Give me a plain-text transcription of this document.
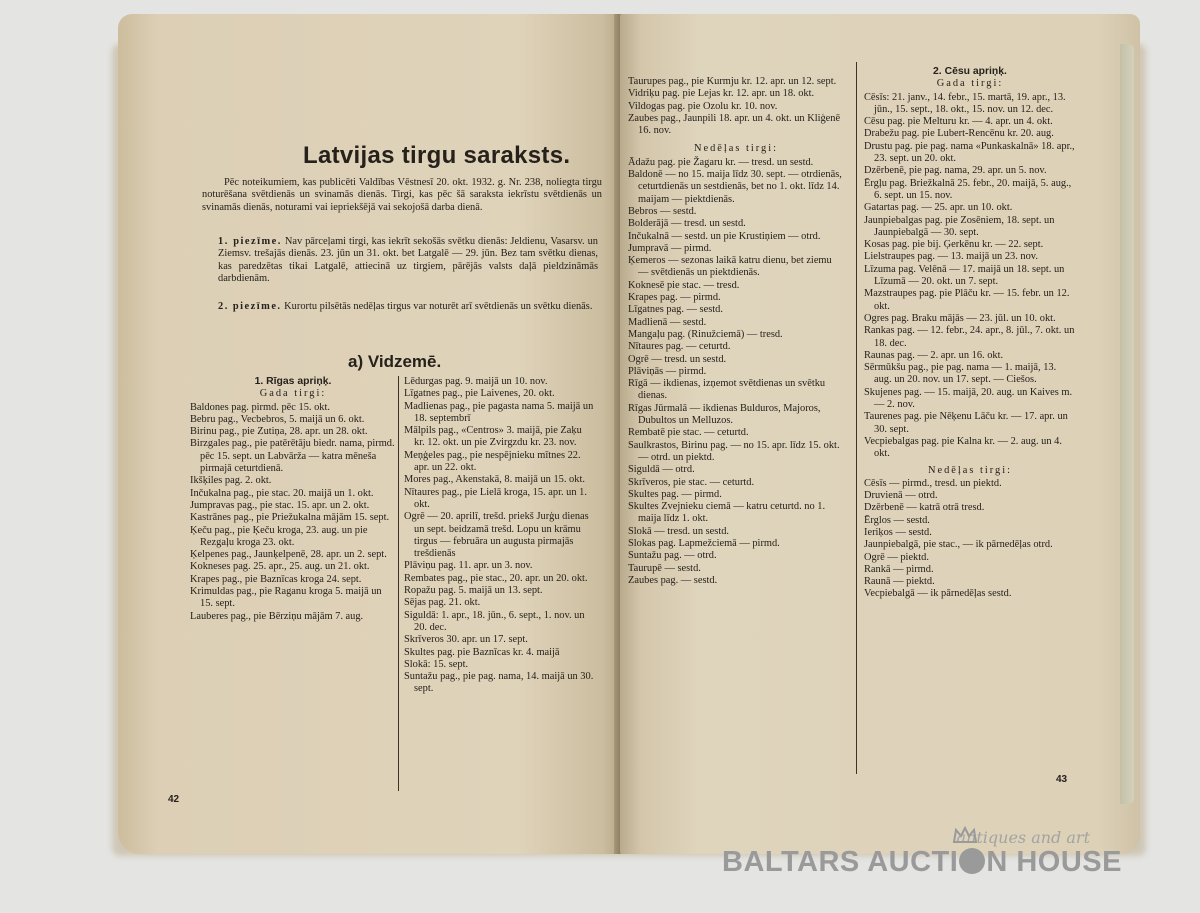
Latvijas tirgu saraksts.
Pēc noteikumiem, kas publicēti Valdības Vēstnesī 20. okt. 1932. g. Nr. 238, noliegta tirgu noturēšana svētdienās un svinamās dienās. Tirgi, kas pēc šā saraksta iekrīstu svētdienās un svinamās dienās, noturami vai iepriekšējā vai sekojošā darba dienā.
1. piezīme. Nav pārceļami tirgi, kas iekrīt sekošās svētku dienās: Jeldienu, Vasarsv. un Ziemsv. trešajās dienās. 23. jūn un 31. okt. bet Latgalē — 29. jūn. Bez tam svētku dienas, kas paredzētas tikai Latgalē, attiecinā uz tirgiem, pārējās valsts daļā pieldzināmās darbdienām.
2. piezīme. Kurortu pilsētās nedēļas tirgus var noturēt arī svētdienās un svētku dienās.
a) Vidzemē.
1. Rīgas apriņķ.
Gada tirgi:

Baldones pag. pirmd. pēc 15. okt.

Bebru pag., Vecbebros, 5. maijā un 6. okt.

Birinu pag., pie Zutiņa, 28. apr. un 28. okt.

Birzgales pag., pie patērētāju biedr. nama, pirmd. pēc 15. sept. un Labvārža — katra mēneša pirmajā ceturtdienā.

Ikšķiles pag. 2. okt.

Inčukalna pag., pie stac. 20. maijā un 1. okt.

Jumpravas pag., pie stac. 15. apr. un 2. okt.

Kastrānes pag., pie Priežukalna mājām 15. sept.

Ķeču pag., pie Ķeču kroga, 23. aug. un pie Rezgaļu kroga 23. okt.

Ķelpenes pag., Jaunķelpenē, 28. apr. un 2. sept.

Kokneses pag. 25. apr., 25. aug. un 21. okt.

Krapes pag., pie Baznīcas kroga 24. sept.

Krimuldas pag., pie Raganu kroga 5. maijā un 15. sept.

Lauberes pag., pie Bērziņu mājām 7. aug.

Lēdurgas pag. 9. maijā un 10. nov.

Līgatnes pag., pie Laivenes, 20. okt.

Madlienas pag., pie pagasta nama 5. maijā un 18. septembrī

Mālpils pag., «Centros» 3. maijā, pie Zaķu kr. 12. okt. un pie Zvirgzdu kr. 23. nov.

Meņģeles pag., pie nespējnieku mītnes 22. apr. un 22. okt.

Mores pag., Akenstakā, 8. maijā un 15. okt.

Nītaures pag., pie Lielā kroga, 15. apr. un 1. okt.

Ogrē — 20. aprilī, trešd. priekš Jurģu dienas un sept. beidzamā trešd. Lopu un krāmu tirgus — februāra un augusta pirmajās trešdienās

Plāviņu pag. 11. apr. un 3. nov.

Rembates pag., pie stac., 20. apr. un 20. okt.

Ropažu pag. 5. maijā un 13. sept.

Sējas pag. 21. okt.

Siguldā: 1. apr., 18. jūn., 6. sept., 1. nov. un 20. dec.

Skrīveros 30. apr. un 17. sept.

Skultes pag. pie Baznīcas kr. 4. maijā

Slokā: 15. sept.

Suntažu pag., pie pag. nama, 14. maijā un 30. sept.

42

Taurupes pag., pie Kurmju kr. 12. apr. un 12. sept.

Vidriķu pag. pie Lejas kr. 12. apr. un 18. okt.

Vildogas pag. pie Ozolu kr. 10. nov.

Zaubes pag., Jaunpili 18. apr. un 4. okt. un Kliģenē 16. nov.

Nedēļas tirgi:

Ādažu pag. pie Žagaru kr. — tresd. un sestd.

Baldonē — no 15. maija līdz 30. sept. — otrdienās, ceturtdienās un sestdienās, bet no 1. okt. līdz 14. maijam — piektdienās.

Bebros — sestd.

Bolderājā — tresd. un sestd.

Inčukalnā — sestd. un pie Krustiņiem — otrd.

Jumpravā — pirmd.

Ķemeros — sezonas laikā katru dienu, bet ziemu — svētdienās un piektdienās.

Koknesē pie stac. — tresd.

Krapes pag. — pirmd.

Līgatnes pag. — sestd.

Madlienā — sestd.

Mangaļu pag. (Rinužciemā) — tresd.

Nītaures pag. — ceturtd.

Ogrē — tresd. un sestd.

Plāviņās — pirmd.

Rīgā — ikdienas, izņemot svētdienas un svētku dienas.

Rīgas Jūrmalā — ikdienas Bulduros, Majoros, Dubultos un Melluzos.

Rembatē pie stac. — ceturtd.

Saulkrastos, Birinu pag. — no 15. apr. līdz 15. okt. — otrd. un piektd.

Siguldā — otrd.

Skrīveros, pie stac. — ceturtd.

Skultes pag. — pirmd.

Skultes Zvejnieku ciemā — katru ceturtd. no 1. maija līdz 1. okt.

Slokā — tresd. un sestd.

Slokas pag. Lapmežciemā — pirmd.

Suntažu pag. — otrd.

Taurupē — sestd.

Zaubes pag. — sestd.

2. Cēsu apriņķ.
Gada tirgi:

Cēsīs: 21. janv., 14. febr., 15. martā, 19. apr., 13. jūn., 15. sept., 18. okt., 15. nov. un 12. dec.

Cēsu pag. pie Melturu kr. — 4. apr. un 4. okt.

Drabežu pag. pie Lubert-Rencēnu kr. 20. aug.

Drustu pag. pie pag. nama «Punkaskalnā» 18. apr., 23. sept. un 20. okt.

Dzērbenē, pie pag. nama, 29. apr. un 5. nov.

Ērgļu pag. Briežkalnā 25. febr., 20. maijā, 5. aug., 6. sept. un 15. nov.

Gatartas pag. — 25. apr. un 10. okt.

Jaunpiebalgas pag. pie Zosēniem, 18. sept. un Jaunpiebalgā — 30. sept.

Kosas pag. pie bij. Ģerkēnu kr. — 22. sept.

Lielstraupes pag. — 13. maijā un 23. nov.

Līzuma pag. Velēnā — 17. maijā un 18. sept. un Līzumā — 20. okt. un 7. sept.

Mazstraupes pag. pie Plāču kr. — 15. febr. un 12. okt.

Ogres pag. Braku mājās — 23. jūl. un 10. okt.

Rankas pag. — 12. febr., 24. apr., 8. jūl., 7. okt. un 18. dec.

Raunas pag. — 2. apr. un 16. okt.

Sērmūkšu pag., pie pag. nama — 1. maijā, 13. aug. un 20. nov. un 17. sept. — Ciešos.

Skujenes pag. — 15. maijā, 20. aug. un Kaives m. — 2. nov.

Taurenes pag. pie Nēķenu Lāču kr. — 17. apr. un 30. sept.

Vecpiebalgas pag. pie Kalna kr. — 2. aug. un 4. okt.

Nedēļas tirgi:

Cēsīs — pirmd., tresd. un piektd.

Druvienā — otrd.

Dzērbenē — katrā otrā tresd.

Ērglos — sestd.

Ieriķos — sestd.

Jaunpiebalgā, pie stac., — ik pārnedēļas otrd.

Ogrē — piektd.

Rankā — pirmd.

Raunā — piektd.

Vecpiebalgā — ik pārnedēļas sestd.

43
antiques and art
BALTARS AUCTI N HOUSE
